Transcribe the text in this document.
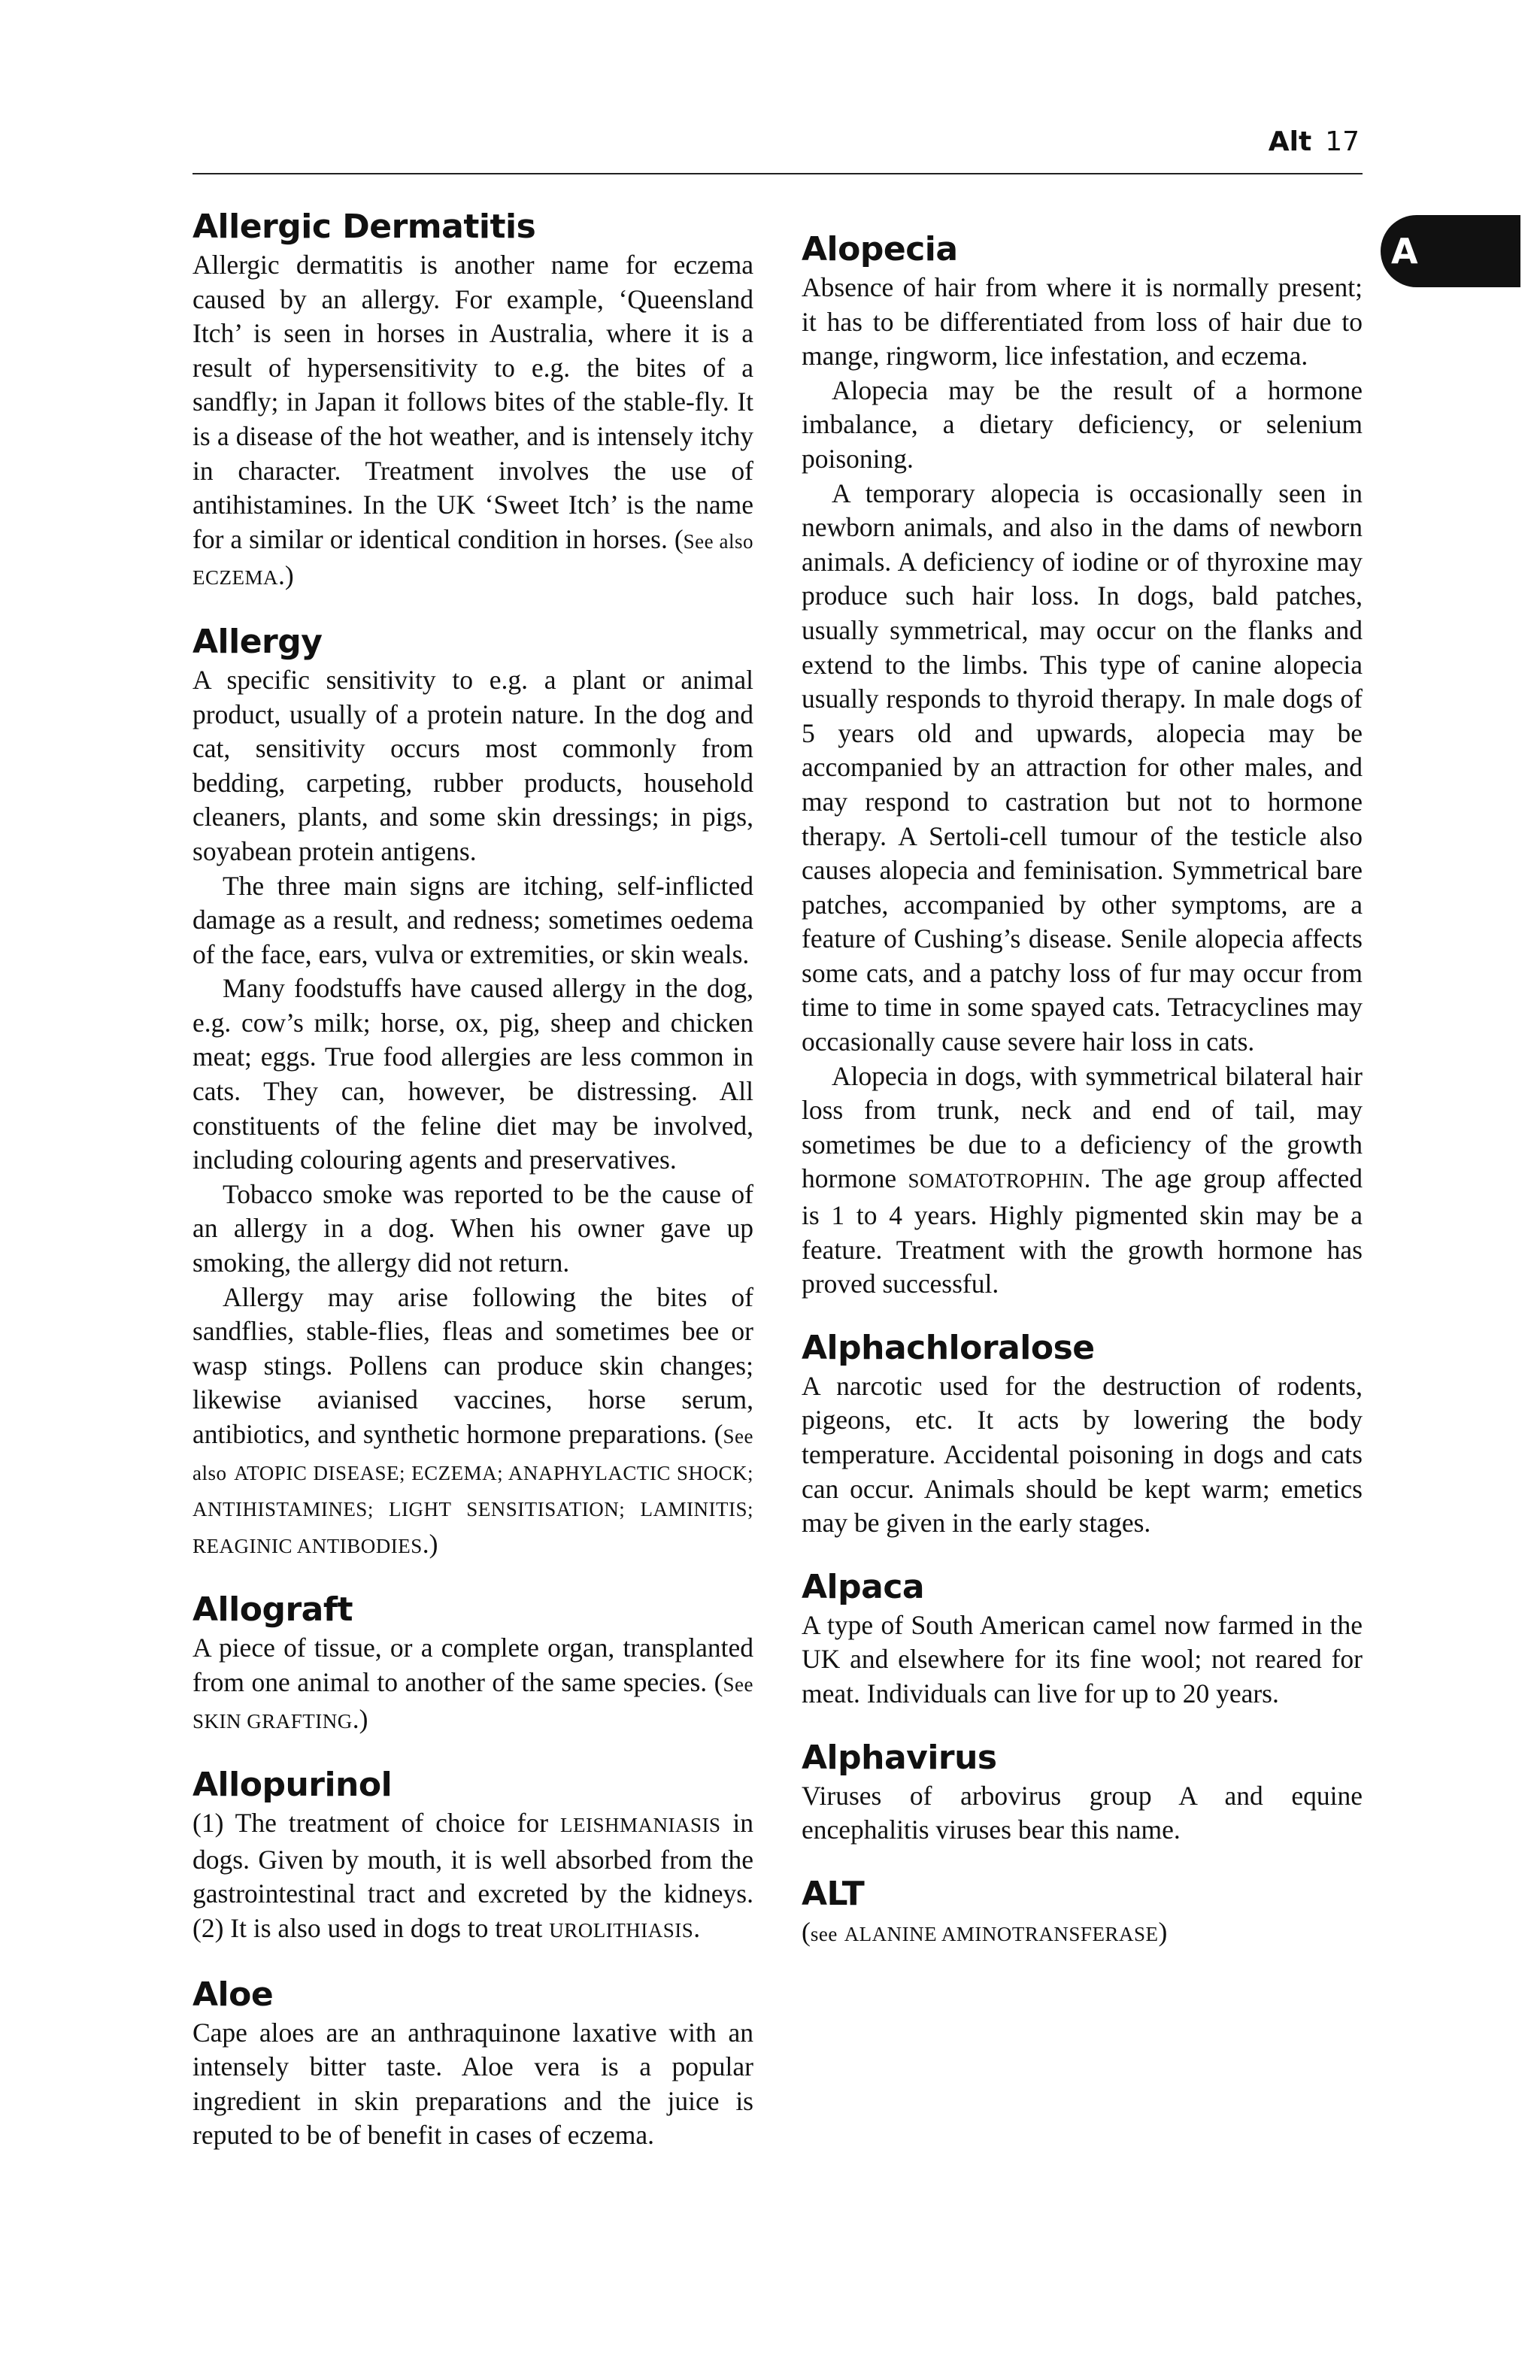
Alt 17
A
Allergic Dermatitis

Allergic dermatitis is another name for eczema caused by an allergy. For example, ‘Queensland Itch’ is seen in horses in Australia, where it is a result of hypersensitivity to e.g. the bites of a sandfly; in Japan it follows bites of the stable-fly. It is a disease of the hot weather, and is intensely itchy in character. Treatment involves the use of antihistamines. In the UK ‘Sweet Itch’ is the name for a similar or identical condition in horses. (See also ECZEMA.)

Allergy

A specific sensitivity to e.g. a plant or animal product, usually of a protein nature. In the dog and cat, sensitivity occurs most commonly from bedding, carpeting, rubber products, household cleaners, plants, and some skin dressings; in pigs, soyabean protein antigens.

The three main signs are itching, self-inflicted damage as a result, and redness; sometimes oedema of the face, ears, vulva or extremities, or skin weals.

Many foodstuffs have caused allergy in the dog, e.g. cow’s milk; horse, ox, pig, sheep and chicken meat; eggs. True food allergies are less common in cats. They can, however, be distressing. All constituents of the feline diet may be involved, including colouring agents and preservatives.

Tobacco smoke was reported to be the cause of an allergy in a dog. When his owner gave up smoking, the allergy did not return.

Allergy may arise following the bites of sandflies, stable-flies, fleas and sometimes bee or wasp stings. Pollens can produce skin changes; likewise avianised vaccines, horse serum, antibiotics, and synthetic hormone preparations. (See also ATOPIC DISEASE; ECZEMA; ANAPHYLACTIC SHOCK; ANTIHISTAMINES; LIGHT SENSITISATION; LAMINITIS; REAGINIC ANTIBODIES.)

Allograft

A piece of tissue, or a complete organ, transplanted from one animal to another of the same species. (See SKIN GRAFTING.)

Allopurinol

(1) The treatment of choice for LEISHMANIASIS in dogs. Given by mouth, it is well absorbed from the gastrointestinal tract and excreted by the kidneys. (2) It is also used in dogs to treat UROLITHIASIS.

Aloe

Cape aloes are an anthraquinone laxative with an intensely bitter taste. Aloe vera is a popular ingredient in skin preparations and the juice is reputed to be of benefit in cases of eczema.

Alopecia

Absence of hair from where it is normally present; it has to be differentiated from loss of hair due to mange, ringworm, lice infestation, and eczema.

Alopecia may be the result of a hormone imbalance, a dietary deficiency, or selenium poisoning.

A temporary alopecia is occasionally seen in newborn animals, and also in the dams of newborn animals. A deficiency of iodine or of thyroxine may produce such hair loss. In dogs, bald patches, usually symmetrical, may occur on the flanks and extend to the limbs. This type of canine alopecia usually responds to thyroid therapy. In male dogs of 5 years old and upwards, alopecia may be accompanied by an attraction for other males, and may respond to castration but not to hormone therapy. A Sertoli-cell tumour of the testicle also causes alopecia and feminisation. Symmetrical bare patches, accompanied by other symptoms, are a feature of Cushing’s disease. Senile alopecia affects some cats, and a patchy loss of fur may occur from time to time in some spayed cats. Tetracyclines may occasionally cause severe hair loss in cats.

Alopecia in dogs, with symmetrical bilateral hair loss from trunk, neck and end of tail, may sometimes be due to a deficiency of the growth hormone SOMATOTROPHIN. The age group affected is 1 to 4 years. Highly pigmented skin may be a feature. Treatment with the growth hormone has proved successful.

Alphachloralose

A narcotic used for the destruction of rodents, pigeons, etc. It acts by lowering the body temperature. Accidental poisoning in dogs and cats can occur. Animals should be kept warm; emetics may be given in the early stages.

Alpaca

A type of South American camel now farmed in the UK and elsewhere for its fine wool; not reared for meat. Individuals can live for up to 20 years.

Alphavirus

Viruses of arbovirus group A and equine encephalitis viruses bear this name.

ALT

(see ALANINE AMINOTRANSFERASE)
